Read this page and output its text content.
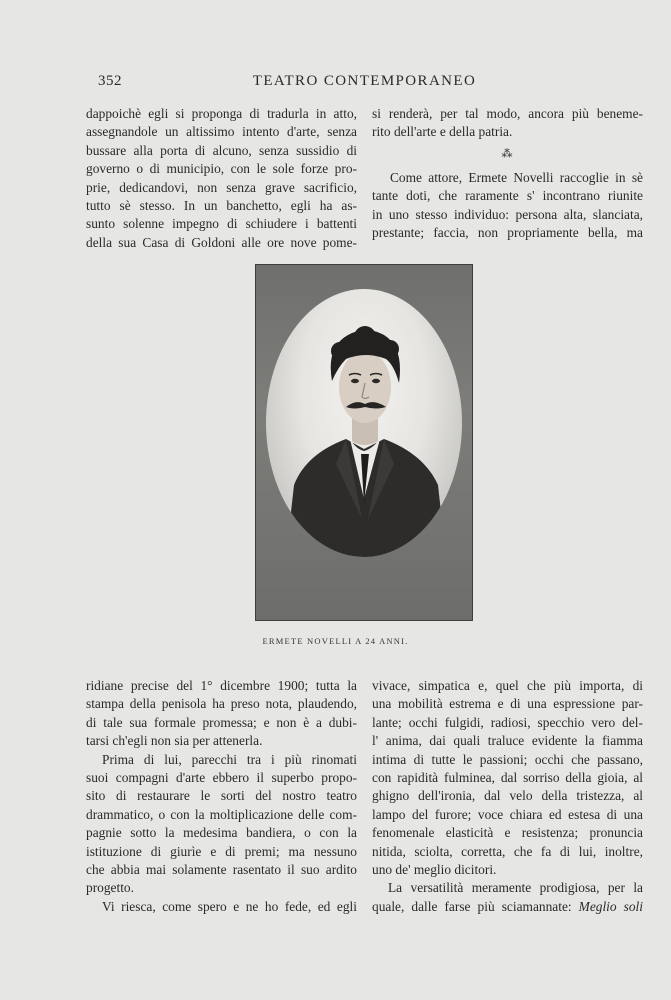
352	TEATRO CONTEMPORANEO
dappoichè egli si proponga di tradurla in atto,
assegnandole un altissimo intento d'arte, senza
bussare alla porta di alcuno, senza sussidio di
governo o di municipio, con le sole forze pro-
prie, dedicandovi, non senza grave sacrificio,
tutto sè stesso. In un banchetto, egli ha as-
sunto solenne impegno di schiudere i battenti
della sua Casa di Goldoni alle ore nove pome-
si renderà, per tal modo, ancora più beneme-
rito dell'arte e della patria.
⁂
Come attore, Ermete Novelli raccoglie in sè
tante doti, che raramente s' incontrano riunite
in uno stesso individuo: persona alta, slanciata,
prestante; faccia, non propriamente bella, ma
ERMETE NOVELLI A 24 ANNI.
ridiane precise del 1° dicembre 1900; tutta la
stampa della penisola ha preso nota, plaudendo,
di tale sua formale promessa; e non è a dubi-
tarsi ch'egli non sia per attenerla.
Prima di lui, parecchi tra i più rinomati
suoi compagni d'arte ebbero il superbo propo-
sito di restaurare le sorti del nostro teatro
drammatico, o con la moltiplicazione delle com-
pagnie sotto la medesima bandiera, o con la
istituzione di giurìe e di premi; ma nessuno
che abbia mai solamente rasentato il suo ardito
progetto.
Vi riesca, come spero e ne ho fede, ed egli
vivace, simpatica e, quel che più importa, di
una mobilità estrema e di una espressione par-
lante; occhi fulgidi, radiosi, specchio vero del-
l' anima, dai quali traluce evidente la fiamma
intima di tutte le passioni; occhi che passano,
con rapidità fulminea, dal sorriso della gioia, al
ghigno dell'ironia, dal velo della tristezza, al
lampo del furore; voce chiara ed estesa di una
fenomenale elasticità e resistenza; pronuncia
nitida, sciolta, corretta, che fa di lui, inoltre,
uno de' meglio dicitori.
La versatilità meramente prodigiosa, per la
quale, dalle farse più sciamannate: Meglio soli
